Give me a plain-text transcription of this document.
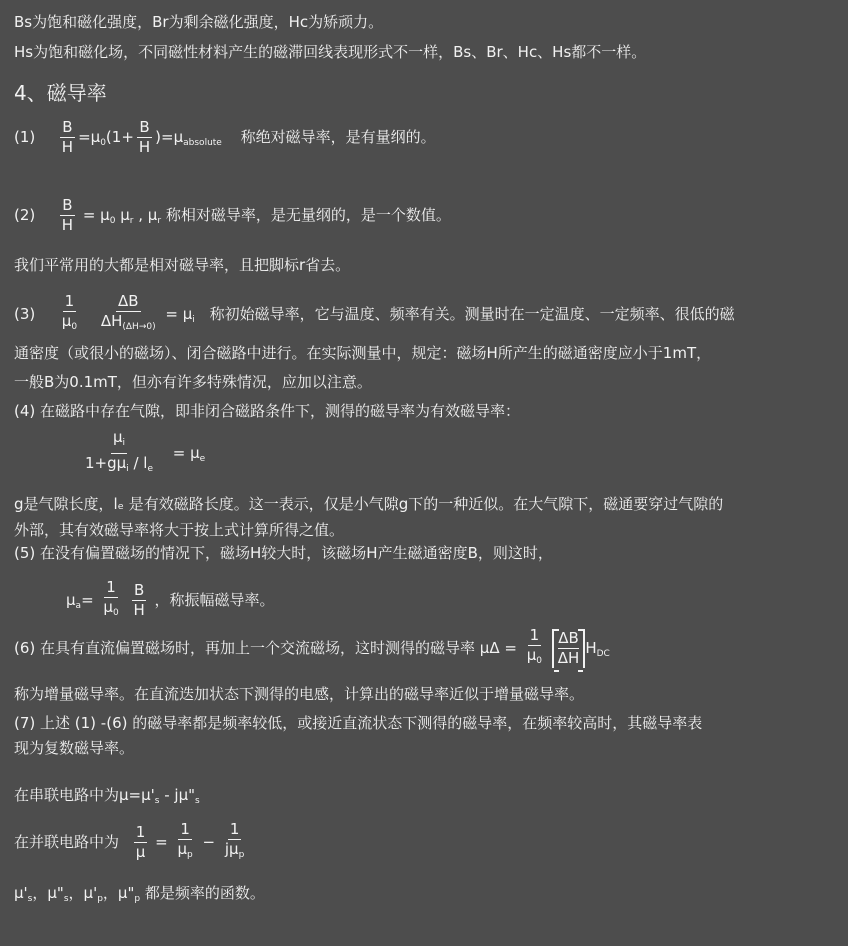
Bs为饱和磁化强度，Br为剩余磁化强度，Hc为矫顽力。
Hs为饱和磁化场，不同磁性材料产生的磁滞回线表现形式不一样，Bs、Br、Hc、Hs都不一样。
4、磁导率
$(1) \frac{B}{H} =\mu_0(1+ \frac{B}{H} )=\mu_{absolute}$ 称绝对磁导率，是有量纲的。
$(2) \frac{B}{H} = \mu_0$ $\mu_r$ , $\mu_r$ 称相对磁导率，是无量纲的，是一个数值。
我们平常用的大都是相对磁导率，且把脚标r省去。
$(3) \frac{1}{\mu_0}$
$\frac{\Delta B}{\Delta H_{(\Delta H\to 0)}} = \mu_i$ 称初始磁导率，它与温度、频率有关。测量时在一定温度、一定频率、很低的磁
通密度（或很小的磁场）、闭合磁路中进行。在实际测量中，规定：磁场H所产生的磁通密度应小于1mT，
一般B为0.1mT，但亦有许多特殊情况，应加以注意。
(4) 在磁路中存在气隙，即非闭合磁路条件下，测得的磁导率为有效磁导率：
$\frac{\mu_i}{1+g\mu_i / l_e} = \mu_e$
g是气隙长度，lₑ 是有效磁路长度。这一表示，仅是小气隙g下的一种近似。在大气隙下，磁通要穿过气隙的
外部，其有效磁导率将大于按上式计算所得之值。
(5) 在没有偏置磁场的情况下，磁场H较大时，该磁场H产生磁通密度B，则这时，
$\mu_a= \frac{1}{\mu_0}$
$\frac{B}{H}$ ，称振幅磁导率。
(6) 在具有直流偏置磁场时，再加上一个交流磁场，这时测得的磁导率 $\mu\Delta = \frac{1}{\mu_0}$
$\frac{\Delta B}{\Delta H} H_{DC}$
称为增量磁导率。在直流迭加状态下测得的电感，计算出的磁导率近似于增量磁导率。
(7) 上述 (1) -(6) 的磁导率都是频率较低，或接近直流状态下测得的磁导率，在频率较高时，其磁导率表
现为复数磁导率。
在串联电路中为$\mu=\mu'_s$ - $j\mu"_s$
在并联电路中为 $\frac{1}{\mu} = \frac{1}{\mu_p} - \frac{1}{j\mu_p}$
$\mu'_s$，$\mu"_s$，$\mu'_p$，$\mu"_p$ 都是频率的函数。
